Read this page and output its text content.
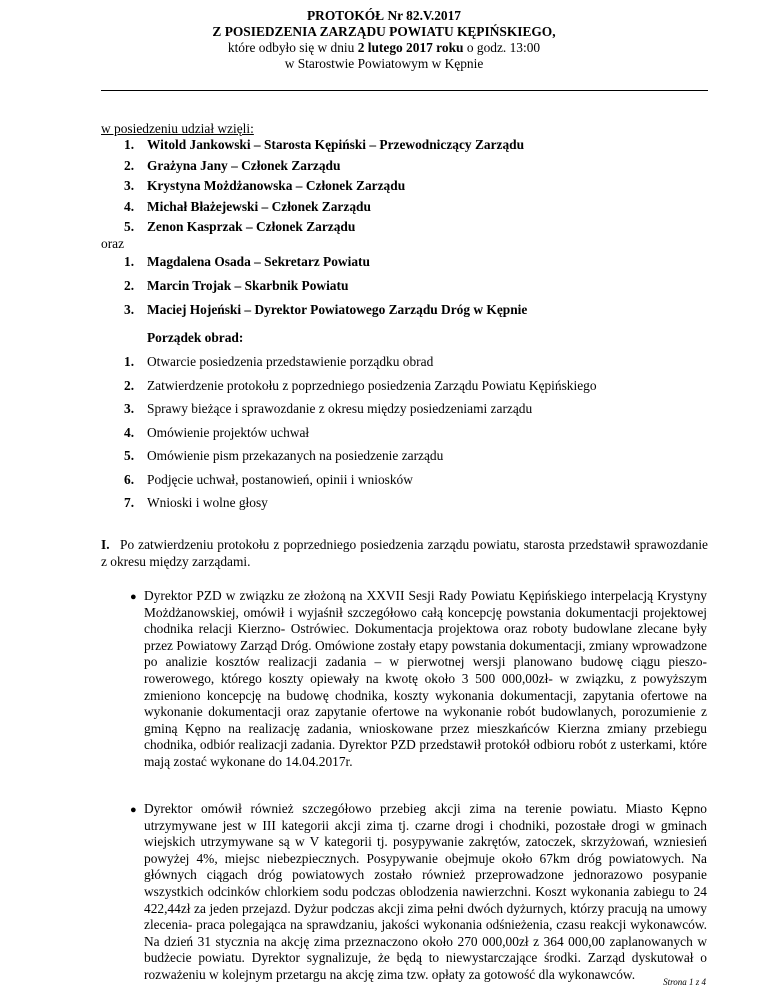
PROTOKÓŁ Nr 82.V.2017
Z POSIEDZENIA ZARZĄDU POWIATU KĘPIŃSKIEGO,
które odbyło się w dniu 2 lutego 2017 roku o godz. 13:00
w Starostwie Powiatowym w Kępnie
w posiedzeniu udział wzięli:
1. Witold Jankowski – Starosta Kępiński – Przewodniczący Zarządu
2. Grażyna Jany – Członek Zarządu
3. Krystyna Możdżanowska – Członek Zarządu
4. Michał Błażejewski – Członek Zarządu
5. Zenon Kasprzak – Członek Zarządu
oraz
1. Magdalena Osada – Sekretarz Powiatu
2. Marcin Trojak – Skarbnik Powiatu
3. Maciej Hojeński – Dyrektor Powiatowego Zarządu Dróg w Kępnie
Porządek obrad:
1. Otwarcie posiedzenia przedstawienie porządku obrad
2. Zatwierdzenie protokołu z poprzedniego posiedzenia Zarządu Powiatu Kępińskiego
3. Sprawy bieżące i sprawozdanie z okresu między posiedzeniami zarządu
4. Omówienie projektów uchwał
5. Omówienie pism przekazanych na posiedzenie zarządu
6. Podjęcie uchwał, postanowień, opinii i wniosków
7. Wnioski i wolne głosy
I. Po zatwierdzeniu protokołu z poprzedniego posiedzenia zarządu powiatu, starosta przedstawił sprawozdanie z okresu między zarządami.
● Dyrektor PZD w związku ze złożoną na XXVII Sesji Rady Powiatu Kępińskiego interpelacją Krystyny Możdżanowskiej, omówił i wyjaśnił szczegółowo całą koncepcję powstania dokumentacji projektowej chodnika relacji Kierzno- Ostrówiec. Dokumentacja projektowa oraz roboty budowlane zlecane były przez Powiatowy Zarząd Dróg. Omówione zostały etapy powstania dokumentacji, zmiany wprowadzone po analizie kosztów realizacji zadania – w pierwotnej wersji planowano budowę ciągu pieszo- rowerowego, którego koszty opiewały na kwotę około 3 500 000,00zł- w związku, z powyższym zmieniono koncepcję na budowę chodnika, koszty wykonania dokumentacji, zapytania ofertowe na wykonanie dokumentacji oraz zapytanie ofertowe na wykonanie robót budowlanych, porozumienie z gminą Kępno na realizację zadania, wnioskowane przez mieszkańców Kierzna zmiany przebiegu chodnika, odbiór realizacji zadania. Dyrektor PZD przedstawił protokół odbioru robót z usterkami, które mają zostać wykonane do 14.04.2017r.
● Dyrektor omówił również szczegółowo przebieg akcji zima na terenie powiatu. Miasto Kępno utrzymywane jest w III kategorii akcji zima tj. czarne drogi i chodniki, pozostałe drogi w gminach wiejskich utrzymywane są w V kategorii tj. posypywanie zakrętów, zatoczek, skrzyżowań, wzniesień powyżej 4%, miejsc niebezpiecznych. Posypywanie obejmuje około 67km dróg powiatowych. Na głównych ciągach dróg powiatowych zostało również przeprowadzone jednorazowo posypanie wszystkich odcinków chlorkiem sodu podczas oblodzenia nawierzchni. Koszt wykonania zabiegu to 24 422,44zł za jeden przejazd. Dyżur podczas akcji zima pełni dwóch dyżurnych, którzy pracują na umowy zlecenia- praca polegająca na sprawdzaniu, jakości wykonania odśnieżenia, czasu reakcji wykonawców. Na dzień 31 stycznia na akcję zima przeznaczono około 270 000,00zł z 364 000,00 zaplanowanych w budżecie powiatu. Dyrektor sygnalizuje, że będą to niewystarczające środki. Zarząd dyskutował o rozważeniu w kolejnym przetargu na akcję zima tzw. opłaty za gotowość dla wykonawców.
Strona 1 z 4
